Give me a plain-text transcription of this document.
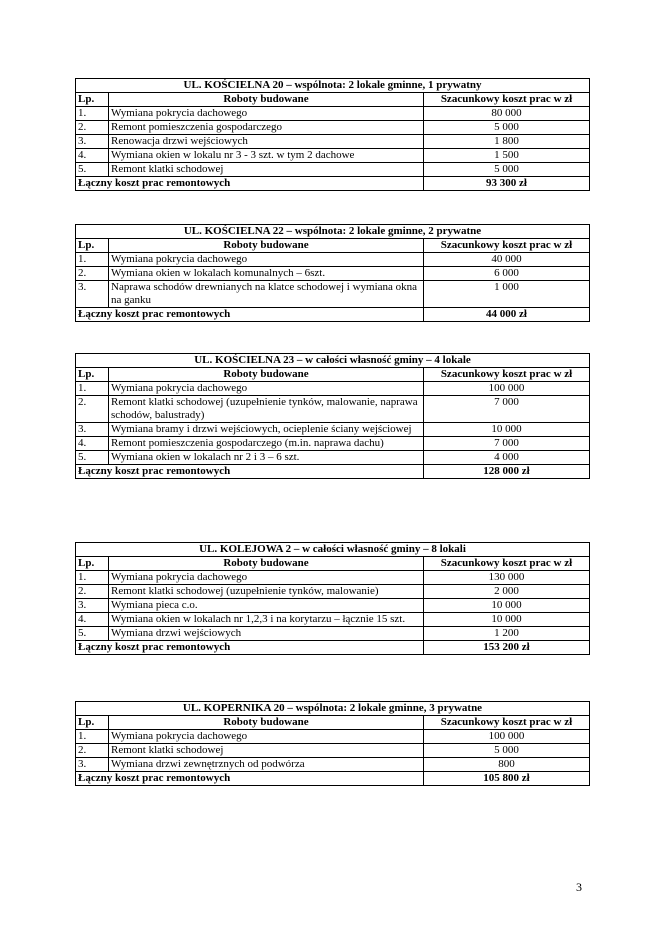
UL. KOŚCIELNA 20 – wspólnota: 2 lokale gminne, 1 prywatny		
Lp.	Roboty budowane	Szacunkowy koszt prac w zł
1.	Wymiana pokrycia dachowego	80 000
2.	Remont pomieszczenia gospodarczego	5 000
3.	Renowacja drzwi wejściowych	1 800
4.	Wymiana okien w lokalu nr 3 - 3 szt. w tym 2 dachowe	1 500
5.	Remont klatki schodowej	5 000
Łączny koszt prac remontowych		93 300 zł
UL. KOŚCIELNA 22 – wspólnota: 2 lokale gminne, 2 prywatne		
Lp.	Roboty budowane	Szacunkowy koszt prac w zł
1.	Wymiana pokrycia dachowego	40 000
2.	Wymiana okien w lokalach komunalnych – 6szt.	6 000
3.	Naprawa schodów drewnianych na klatce schodowej i wymiana okna na ganku	1 000
Łączny koszt prac remontowych		44 000 zł
UL. KOŚCIELNA 23 – w całości własność gminy – 4 lokale		
Lp.	Roboty budowane	Szacunkowy koszt prac w zł
1.	Wymiana pokrycia dachowego	100 000
2.	Remont klatki schodowej (uzupełnienie tynków, malowanie, naprawa schodów, balustrady)	7 000
3.	Wymiana bramy i drzwi wejściowych, ocieplenie ściany wejściowej	10 000
4.	Remont pomieszczenia gospodarczego (m.in. naprawa dachu)	7 000
5.	Wymiana okien w lokalach nr 2 i 3 – 6 szt.	4 000
Łączny koszt prac remontowych		128 000 zł
UL. KOLEJOWA 2 – w całości własność gminy – 8 lokali		
Lp.	Roboty budowane	Szacunkowy koszt prac w zł
1.	Wymiana pokrycia dachowego	130 000
2.	Remont klatki schodowej (uzupełnienie tynków, malowanie)	2 000
3.	Wymiana pieca c.o.	10 000
4.	Wymiana okien w lokalach nr 1,2,3 i na korytarzu – łącznie 15 szt.	10 000
5.	Wymiana drzwi wejściowych	1 200
Łączny koszt prac remontowych		153 200 zł
UL. KOPERNIKA 20 – wspólnota: 2 lokale gminne, 3 prywatne		
Lp.	Roboty budowane	Szacunkowy koszt prac w zł
1.	Wymiana pokrycia dachowego	100 000
2.	Remont klatki schodowej	5 000
3.	Wymiana drzwi zewnętrznych od podwórza	800
Łączny koszt prac remontowych		105 800 zł
3
